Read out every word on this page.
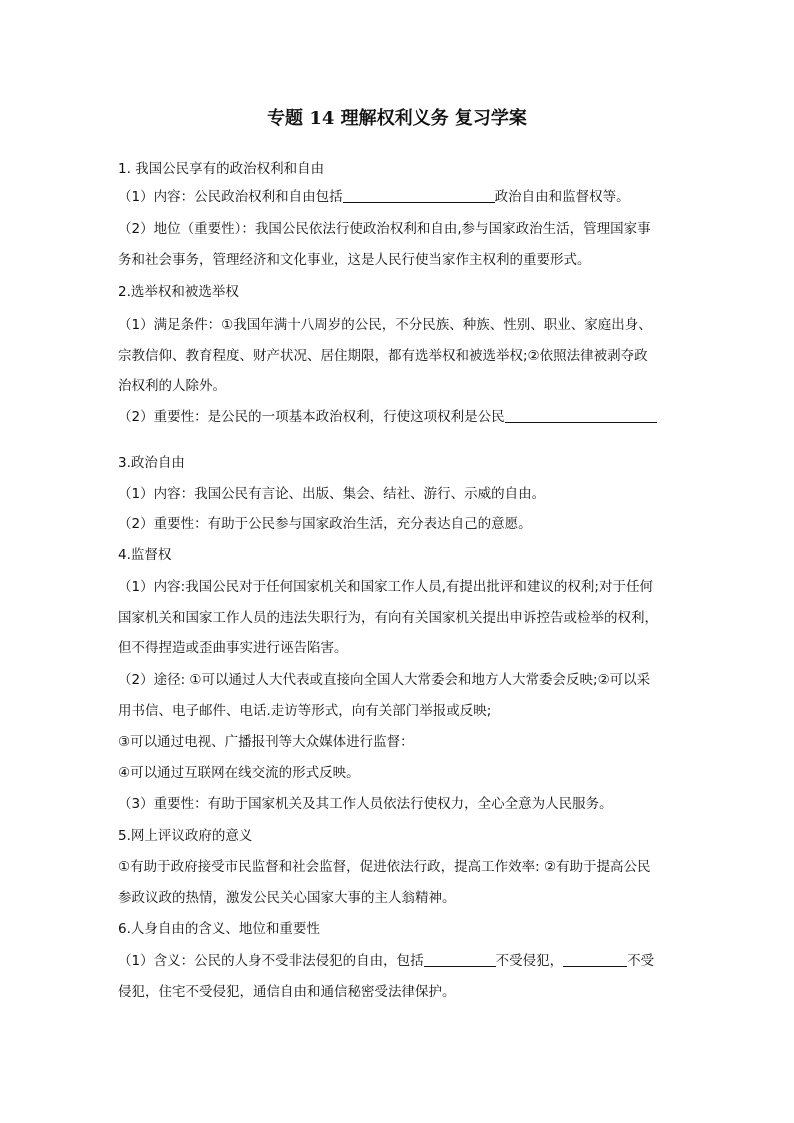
专题 14 理解权利义务 复习学案
1. 我国公民享有的政治权利和自由
（1）内容：公民政治权利和自由包括	政治自由和监督权等。
（2）地位（重要性）：我国公民依法行使政治权利和自由,参与国家政治生活，管理国家事
务和社会事务，管理经济和文化事业，这是人民行使当家作主权利的重要形式。
2.选举权和被选举权
（1）满足条件：①我国年满十八周岁的公民，不分民族、种族、性别、职业、家庭出身、
宗教信仰、教育程度、财产状况、居住期限，都有选举权和被选举权;②依照法律被剥夺政
治权利的人除外。
（2）重要性：是公民的一项基本政治权利，行使这项权利是公民
3.政治自由
（1）内容：我国公民有言论、出版、集会、结社、游行、示威的自由。
（2）重要性：有助于公民参与国家政治生活，充分表达自己的意愿。
4.监督权
（1）内容:我国公民对于任何国家机关和国家工作人员,有提出批评和建议的权利;对于任何
国家机关和国家工作人员的违法失职行为，有向有关国家机关提出申诉控告或检举的权利，
但不得捏造或歪曲事实进行诬告陷害。
（2）途径: ①可以通过人大代表或直接向全国人大常委会和地方人大常委会反映;②可以采
用书信、电子邮件、电话.走访等形式，向有关部门举报或反映;
③可以通过电视、广播报刊等大众媒体进行监督：
④可以通过互联网在线交流的形式反映。
（3）重要性：有助于国家机关及其工作人员依法行使权力，全心全意为人民服务。
5.网上评议政府的意义
①有助于政府接受市民监督和社会监督，促进依法行政，提高工作效率: ②有助于提高公民
参政议政的热情，激发公民关心国家大事的主人翁精神。
6.人身自由的含义、地位和重要性
（1）含义：公民的人身不受非法侵犯的自由，包括	不受侵犯，	不受
侵犯，住宅不受侵犯，通信自由和通信秘密受法律保护。
